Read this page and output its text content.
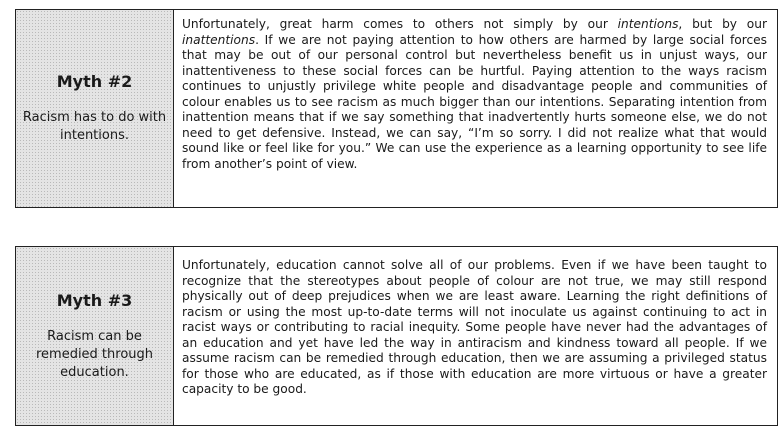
Myth #2
Racism has to do with intentions.
Unfortunately, great harm comes to others not simply by our intentions, but by our inattentions. If we are not paying attention to how others are harmed by large social forces that may be out of our personal control but nevertheless benefit us in unjust ways, our inattentiveness to these social forces can be hurtful. Paying attention to the ways racism continues to unjustly privilege white people and disadvantage people and communities of colour enables us to see racism as much bigger than our intentions. Separating intention from inattention means that if we say something that inadvertently hurts someone else, we do not need to get defensive. Instead, we can say, “I’m so sorry. I did not realize what that would sound like or feel like for you.” We can use the experience as a learning opportunity to see life from another’s point of view.
Myth #3
Racism can be remedied through education.
Unfortunately, education cannot solve all of our problems. Even if we have been taught to recognize that the stereotypes about people of colour are not true, we may still respond physically out of deep prejudices when we are least aware. Learning the right definitions of racism or using the most up-to-date terms will not inoculate us against continuing to act in racist ways or contributing to racial inequity. Some people have never had the advantages of an education and yet have led the way in antiracism and kindness toward all people. If we assume racism can be remedied through education, then we are assuming a privileged status for those who are educated, as if those with education are more virtuous or have a greater capacity to be good.
